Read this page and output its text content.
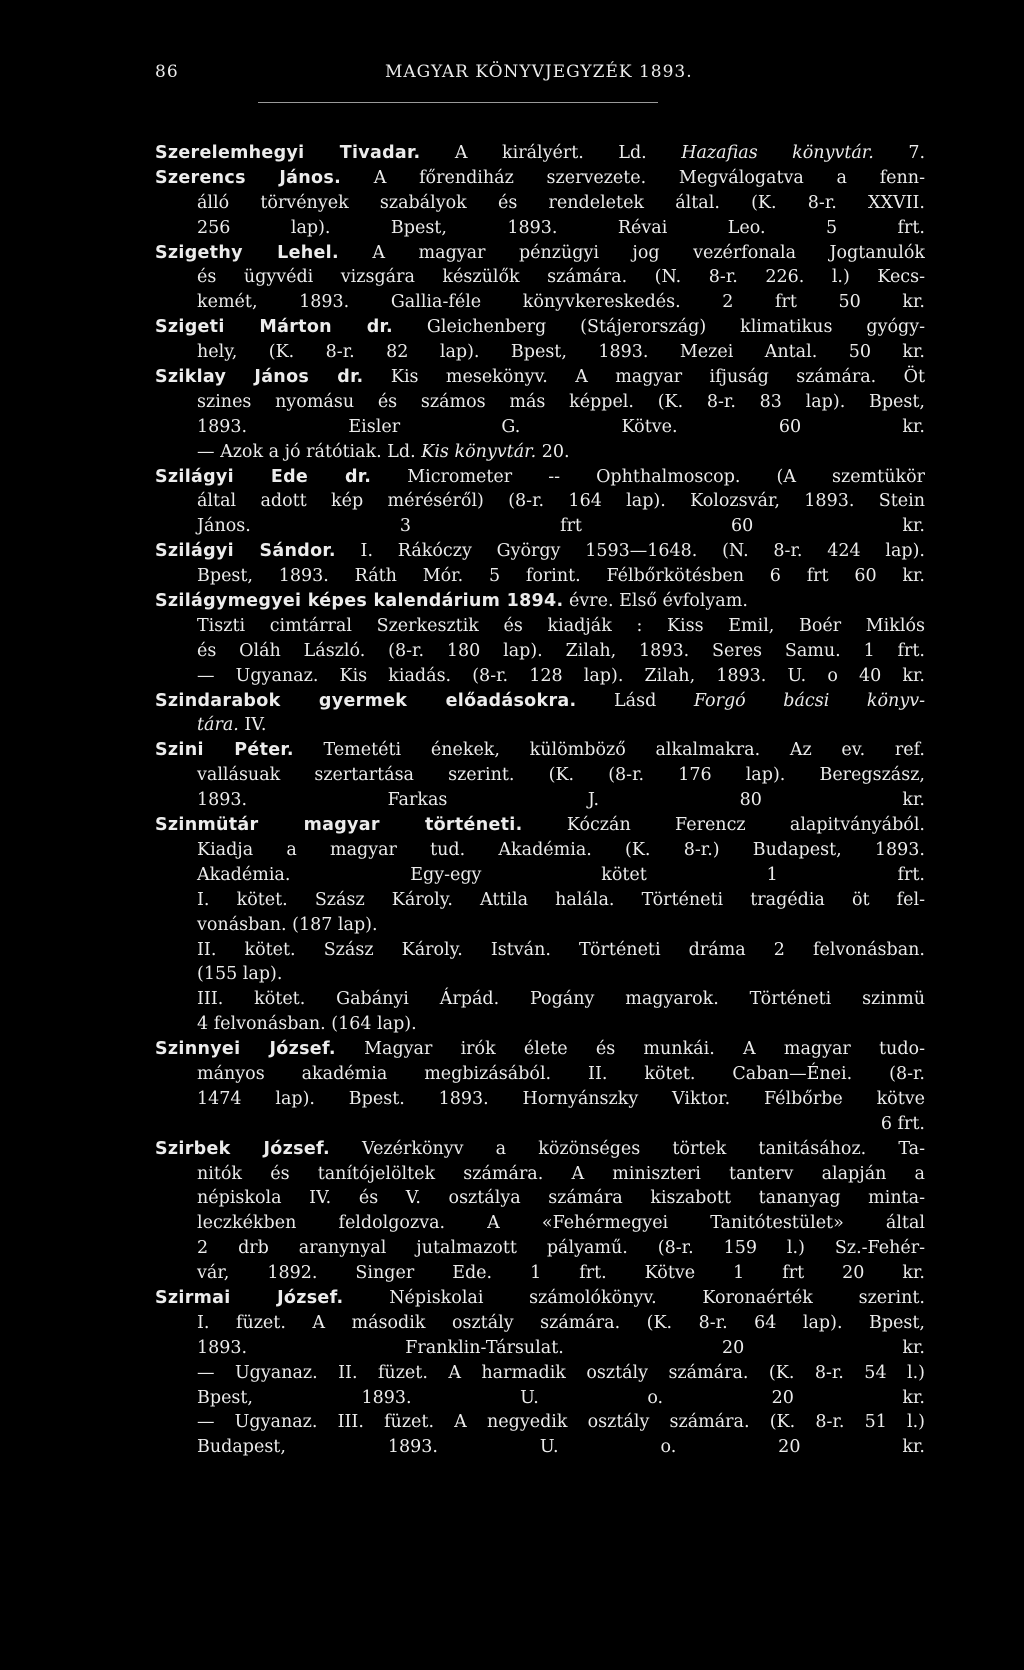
86	MAGYAR KÖNYVJEGYZÉK 1893.
Szerelemhegyi Tivadar. A királyért. Ld. Hazafias könyvtár. 7.
Szerencs János. A főrendiház szervezete. Megválogatva a fenn-
álló törvények szabályok és rendeletek által. (K. 8-r. XXVII.
256 lap). Bpest, 1893. Révai Leo. 5 frt.
Szigethy Lehel. A magyar pénzügyi jog vezérfonala Jogtanulók
és ügyvédi vizsgára készülők számára. (N. 8-r. 226. l.) Kecs-
kemét, 1893. Gallia-féle könyvkereskedés. 2 frt 50 kr.
Szigeti Márton dr. Gleichenberg (Stájerország) klimatikus gyógy-
hely, (K. 8-r. 82 lap). Bpest, 1893. Mezei Antal. 50 kr.
Sziklay János dr. Kis mesekönyv. A magyar ifjuság számára. Öt
szines nyomásu és számos más képpel. (K. 8-r. 83 lap). Bpest,
1893. Eisler G. Kötve. 60 kr.
— Azok a jó rátótiak. Ld. Kis könyvtár. 20.
Szilágyi Ede dr. Micrometer -- Ophthalmoscop. (A szemtükör
által adott kép méréséről) (8-r. 164 lap). Kolozsvár, 1893. Stein
János. 3 frt 60 kr.
Szilágyi Sándor. I. Rákóczy György 1593—1648. (N. 8-r. 424 lap).
Bpest, 1893. Ráth Mór. 5 forint. Félbőrkötésben 6 frt 60 kr.
Szilágymegyei képes kalendárium 1894. évre. Első évfolyam.
Tiszti cimtárral Szerkesztik és kiadják : Kiss Emil, Boér Miklós
és Oláh László. (8-r. 180 lap). Zilah, 1893. Seres Samu. 1 frt.
— Ugyanaz. Kis kiadás. (8-r. 128 lap). Zilah, 1893. U. o 40 kr.
Szindarabok gyermek előadásokra. Lásd Forgó bácsi könyv-
tára. IV.
Szini Péter. Temetéti énekek, külömböző alkalmakra. Az ev. ref.
vallásuak szertartása szerint. (K. (8-r. 176 lap). Beregszász,
1893. Farkas J. 80 kr.
Szinmütár magyar történeti. Kóczán Ferencz alapitványából.
Kiadja a magyar tud. Akadémia. (K. 8-r.) Budapest, 1893.
Akadémia. Egy-egy kötet 1 frt.
I. kötet. Szász Károly. Attila halála. Történeti tragédia öt fel-
vonásban. (187 lap).
II. kötet. Szász Károly. István. Történeti dráma 2 felvonásban.
(155 lap).
III. kötet. Gabányi Árpád. Pogány magyarok. Történeti szinmü
4 felvonásban. (164 lap).
Szinnyei József. Magyar irók élete és munkái. A magyar tudo-
mányos akadémia megbizásából. II. kötet. Caban—Énei. (8-r.
1474 lap). Bpest. 1893. Hornyánszky Viktor. Félbőrbe kötve
6 frt.
Szirbek József. Vezérkönyv a közönséges törtek tanitásához. Ta-
nitók és tanítójelöltek számára. A miniszteri tanterv alapján a
népiskola IV. és V. osztálya számára kiszabott tananyag minta-
leczkékben feldolgozva. A «Fehérmegyei Tanitótestület» által
2 drb aranynyal jutalmazott pályamű. (8-r. 159 l.) Sz.-Fehér-
vár, 1892. Singer Ede. 1 frt. Kötve 1 frt 20 kr.
Szirmai József. Népiskolai számolókönyv. Koronaérték szerint.
I. füzet. A második osztály számára. (K. 8-r. 64 lap). Bpest,
1893. Franklin-Társulat. 20 kr.
— Ugyanaz. II. füzet. A harmadik osztály számára. (K. 8-r. 54 l.)
Bpest, 1893. U. o. 20 kr.
— Ugyanaz. III. füzet. A negyedik osztály számára. (K. 8-r. 51 l.)
Budapest, 1893. U. o. 20 kr.
